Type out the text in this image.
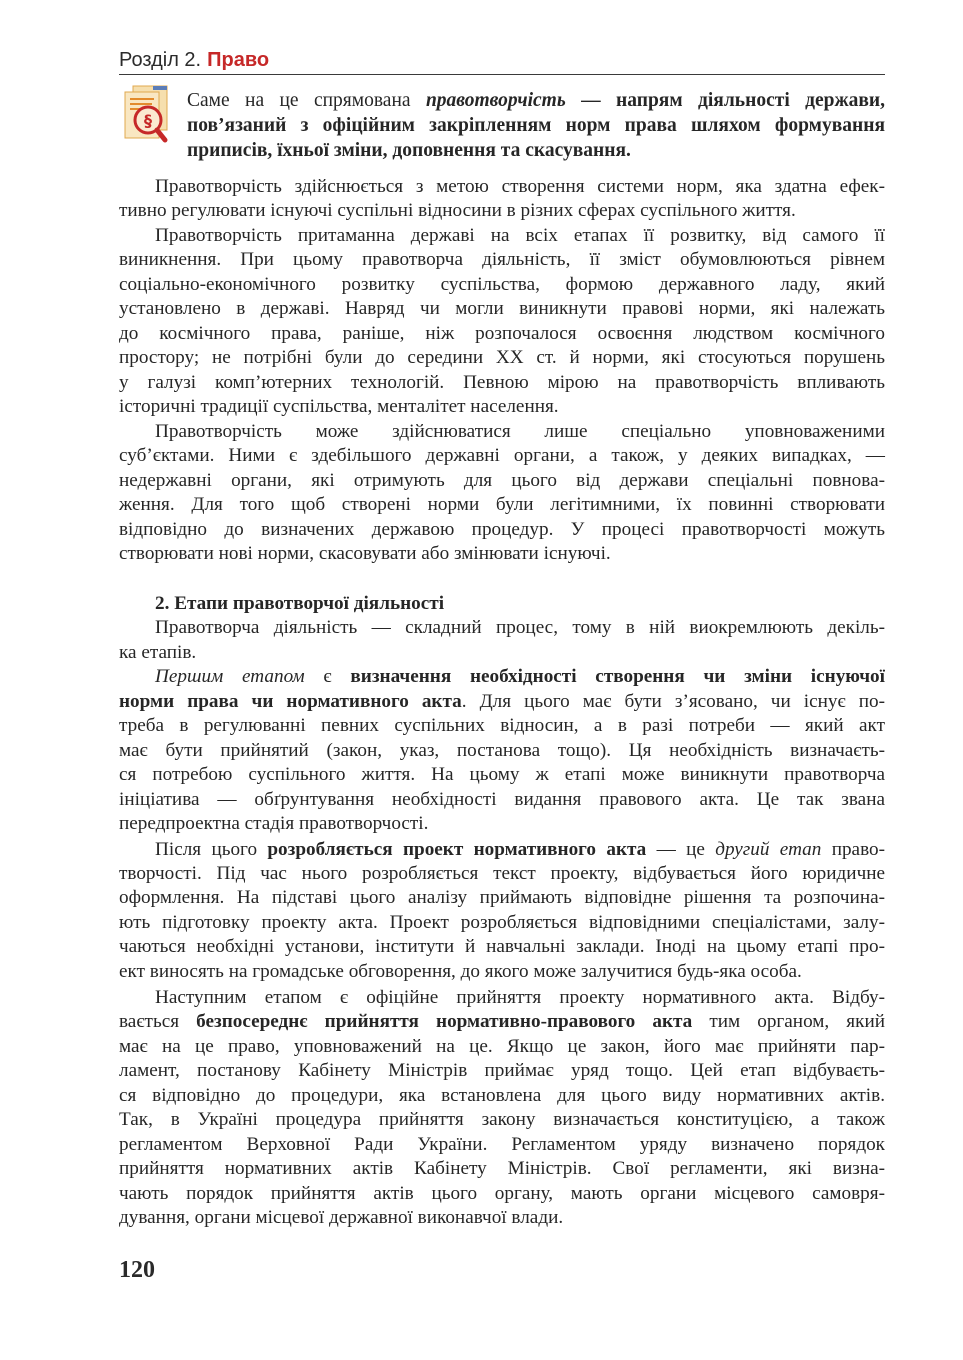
Розділ 2. Право
§
Саме на це спрямована правотворчість — напрям діяльності держави,
пов’язаний з офіційним закріпленням норм права шляхом формування
приписів, їхньої зміни, доповнення та скасування.
Правотворчість здійснюється з метою створення системи норм, яка здатна ефек-
тивно регулювати існуючі суспільні відносини в різних сферах суспільного життя.
Правотворчість притаманна державі на всіх етапах її розвитку, від самого її
виникнення. При цьому правотворча діяльність, її зміст обумовлюються рівнем
соціально-економічного розвитку суспільства, формою державного ладу, який
установлено в державі. Навряд чи могли виникнути правові норми, які належать
до космічного права, раніше, ніж розпочалося освоєння людством космічного
простору; не потрібні були до середини XX ст. й норми, які стосуються порушень
у галузі комп’ютерних технологій. Певною мірою на правотворчість впливають
історичні традиції суспільства, менталітет населення.
Правотворчість може здійснюватися лише спеціально уповноваженими
суб’єктами. Ними є здебільшого державні органи, а також, у деяких випадках, —
недержавні органи, які отримують для цього від держави спеціальні повнова-
ження. Для того щоб створені норми були легітимними, їх повинні створювати
відповідно до визначених державою процедур. У процесі правотворчості можуть
створювати нові норми, скасовувати або змінювати існуючі.
2. Етапи правотворчої діяльності
Правотворча діяльність — складний процес, тому в ній виокремлюють декіль-
ка етапів.
Першим етапом є визначення необхідності створення чи зміни існуючої
норми права чи нормативного акта. Для цього має бути з’ясовано, чи існує по-
треба в регулюванні певних суспільних відносин, а в разі потреби — який акт
має бути прийнятий (закон, указ, постанова тощо). Ця необхідність визначаєть-
ся потребою суспільного життя. На цьому ж етапі може виникнути правотворча
ініціатива — обґрунтування необхідності видання правового акта. Це так звана
передпроектна стадія правотворчості.
Після цього розробляється проект нормативного акта — це другий етап право-
творчості. Під час нього розробляється текст проекту, відбувається його юридичне
оформлення. На підставі цього аналізу приймають відповідне рішення та розпочина-
ють підготовку проекту акта. Проект розробляється відповідними спеціалістами, залу-
чаються необхідні установи, інститути й навчальні заклади. Іноді на цьому етапі про-
ект виносять на громадське обговорення, до якого може залучитися будь-яка особа.
Наступним етапом є офіційне прийняття проекту нормативного акта. Відбу-
вається безпосереднє прийняття нормативно-правового акта тим органом, який
має на це право, уповноважений на це. Якщо це закон, його має прийняти пар-
ламент, постанову Кабінету Міністрів приймає уряд тощо. Цей етап відбуваєть-
ся відповідно до процедури, яка встановлена для цього виду нормативних актів.
Так, в Україні процедура прийняття закону визначається конституцією, а також
регламентом Верховної Ради України. Регламентом уряду визначено порядок
прийняття нормативних актів Кабінету Міністрів. Свої регламенти, які визна-
чають порядок прийняття актів цього органу, мають органи місцевого самовря-
дування, органи місцевої державної виконавчої влади.
120
